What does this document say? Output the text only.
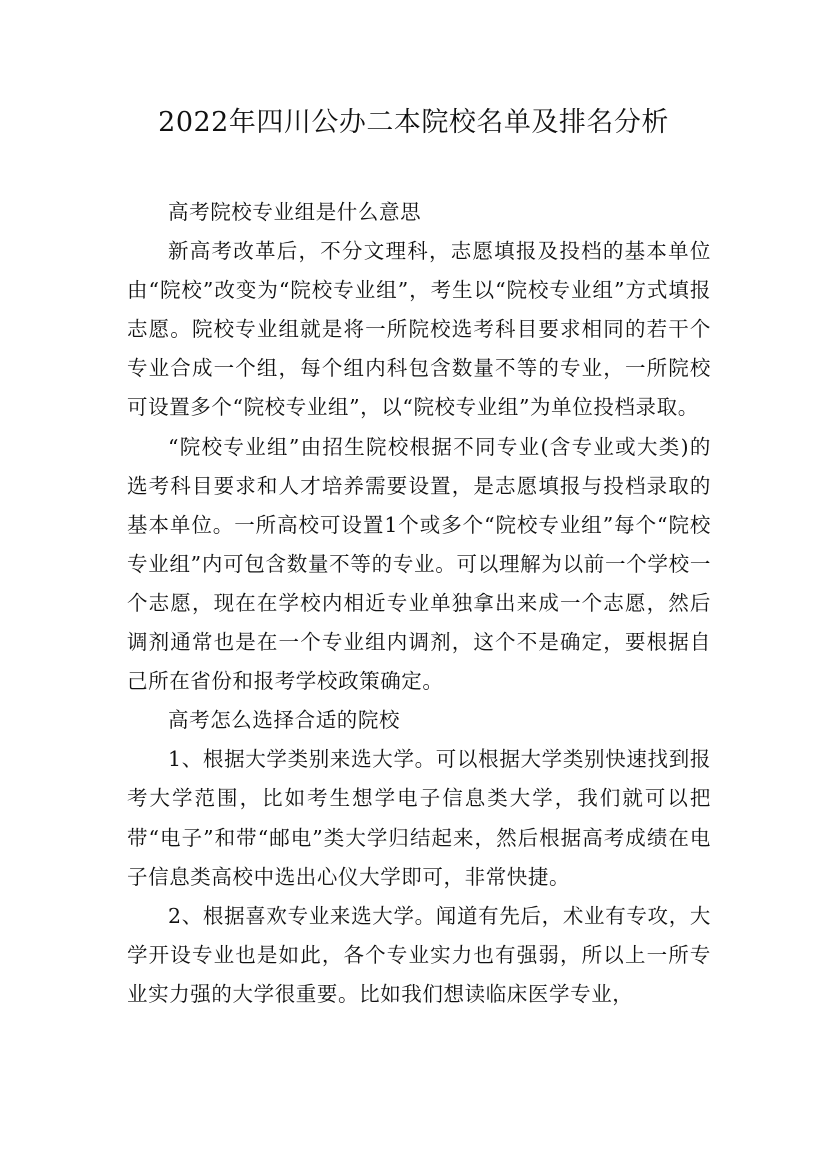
2022年四川公办二本院校名单及排名分析

高考院校专业组是什么意思

新高考改革后，不分文理科，志愿填报及投档的基本单位由“院校”改变为“院校专业组”，考生以“院校专业组”方式填报志愿。院校专业组就是将一所院校选考科目要求相同的若干个专业合成一个组，每个组内科包含数量不等的专业，一所院校可设置多个“院校专业组”，以“院校专业组”为单位投档录取。

“院校专业组”由招生院校根据不同专业(含专业或大类)的选考科目要求和人才培养需要设置，是志愿填报与投档录取的基本单位。一所高校可设置1个或多个“院校专业组”每个“院校专业组”内可包含数量不等的专业。可以理解为以前一个学校一个志愿，现在在学校内相近专业单独拿出来成一个志愿，然后调剂通常也是在一个专业组内调剂，这个不是确定，要根据自己所在省份和报考学校政策确定。

高考怎么选择合适的院校

1、根据大学类别来选大学。可以根据大学类别快速找到报考大学范围，比如考生想学电子信息类大学，我们就可以把带“电子”和带“邮电”类大学归结起来，然后根据高考成绩在电子信息类高校中选出心仪大学即可，非常快捷。

2、根据喜欢专业来选大学。闻道有先后，术业有专攻，大学开设专业也是如此，各个专业实力也有强弱，所以上一所专业实力强的大学很重要。比如我们想读临床医学专业，
